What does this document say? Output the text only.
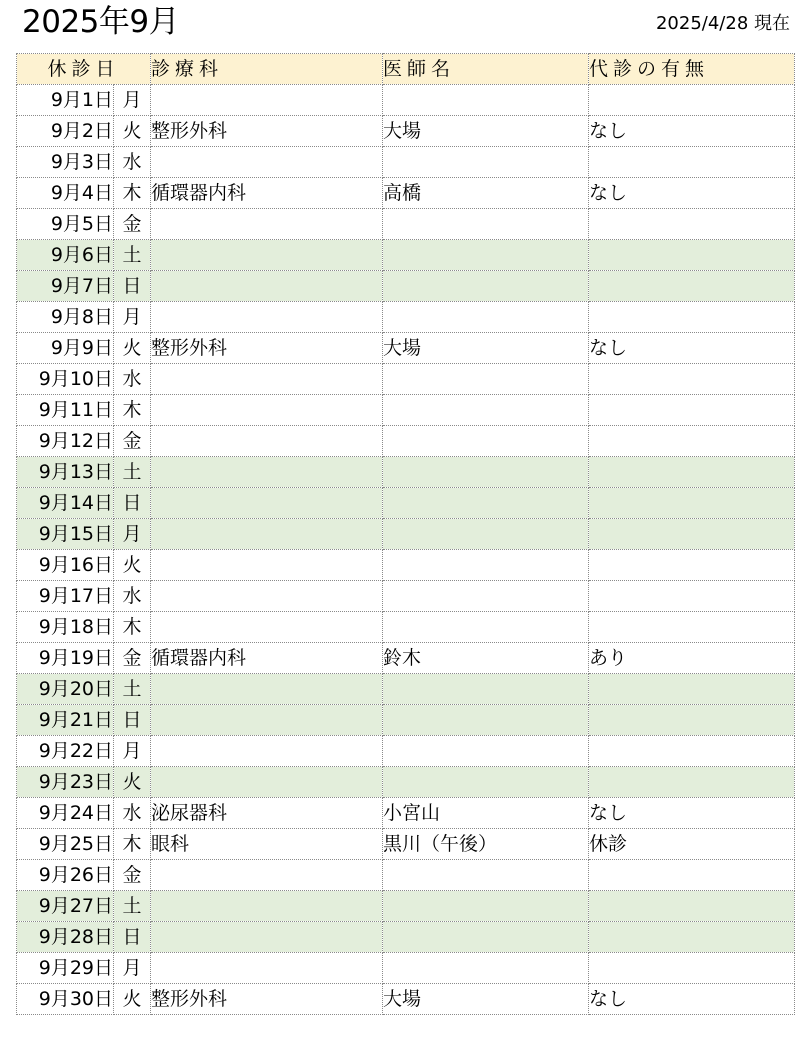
2025年9月	2025/4/28 現在
休診日		診療科	医師名	代診の有無
9月1日	月			
9月2日	火	整形外科	大場	なし
9月3日	水			
9月4日	木	循環器内科	高橋	なし
9月5日	金			
9月6日	土			
9月7日	日			
9月8日	月			
9月9日	火	整形外科	大場	なし
9月10日	水			
9月11日	木			
9月12日	金			
9月13日	土			
9月14日	日			
9月15日	月			
9月16日	火			
9月17日	水			
9月18日	木			
9月19日	金	循環器内科	鈴木	あり
9月20日	土			
9月21日	日			
9月22日	月			
9月23日	火			
9月24日	水	泌尿器科	小宮山	なし
9月25日	木	眼科	黒川（午後）	休診
9月26日	金			
9月27日	土			
9月28日	日			
9月29日	月			
9月30日	火	整形外科	大場	なし
